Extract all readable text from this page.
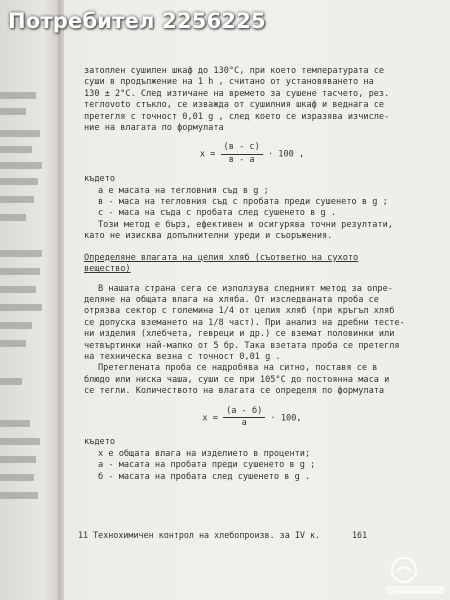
Потребител 2256225

затоплен сушилен шкаф до 130°С, при което температурата се

суши в продължение на 1 h , считано от установяването на

130 ± 2°С. След изтичане на времето за сушене тасчето, рез.

теглovoto стъкло, се изважда от сушилния шкаф и веднага се

претегля с точност 0,01 g , след което се изразява изчисле-

ние на влагата по формулата

$x = \frac{(в - с)}{в - а} \cdot 100$ ,

където

а е масата на тегловния съд в g ;

в - маса на тегловния съд с пробата преди сушенето в g ;

с - маса на съда с пробата след сушенето в g .

Този метод е бърз, ефективен и осигурява точни резултати,

като не изисква допълнителни уреди и съоръжения.

Определяне влагата на целия хляб (съответно на сухото

вещество)

В нашата страна сега се използува следният метод за опре-

деляне на общата влага на хляба. От изследваната проба се

отрязва сектор с големина 1/4 от целия хляб (при кръгъл хляб

се допуска вземането на 1/8 част). При анализ на дребни тесте-

ни изделия (хлебчета, гевреци и др.) се вземат половинки или

четвъртинки най-малко от 5 бр. Така взетата проба се претегля

на техническа везна с точност 0,01 g .

Претеглената проба се надробява на ситно, поставя се в

блюдо или ниска чаша, суши се при 105°С до постоянна маса и

се тегли. Количеството на влагата се определя по формулата

$x = \frac{(а - б)}{а} \cdot 100$,

където

х е общата влага на изделието в проценти;

а - масата на пробата преди сушенето в g ;

б - масата на пробата след сушенето в g .

11 Технохимичен контрол на хлебопроизв. за IV к.	161
